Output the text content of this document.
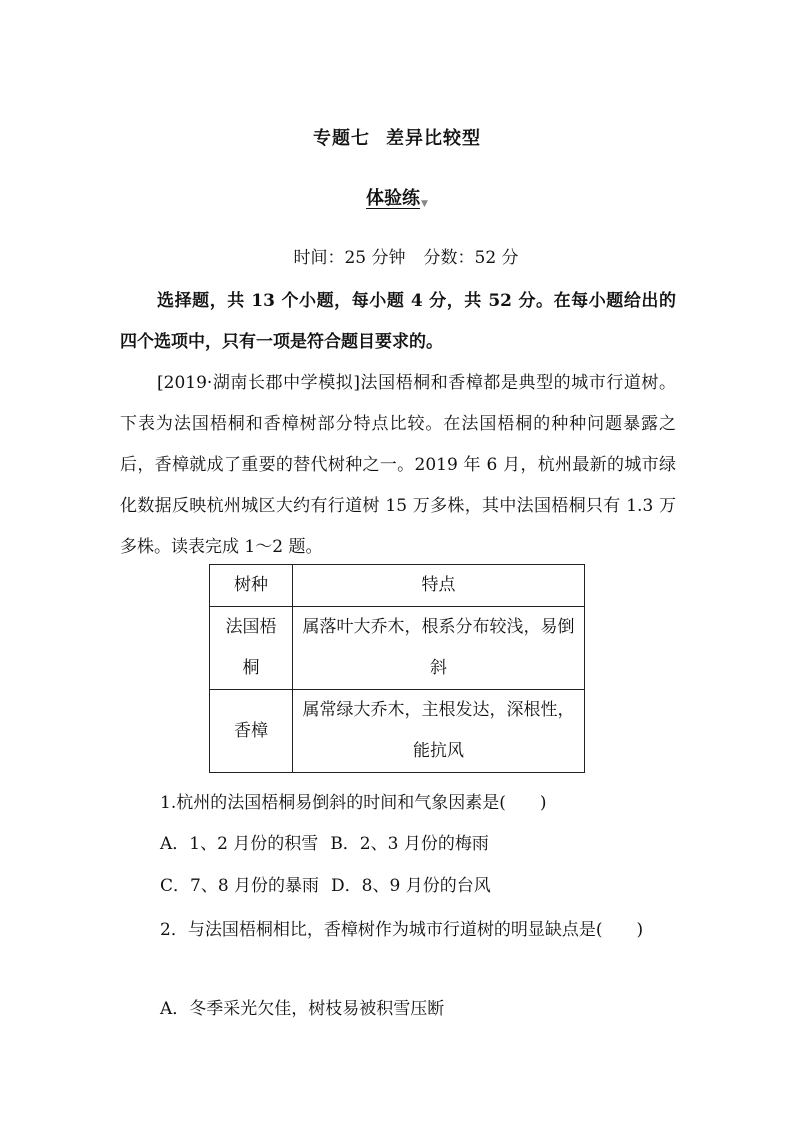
专题七 差异比较型
体验练▼
时间：25 分钟 分数：52 分
选择题，共 13 个小题，每小题 4 分，共 52 分。在每小题给出的四个选项中，只有一项是符合题目要求的。
[2019·湖南长郡中学模拟]法国梧桐和香樟都是典型的城市行道树。下表为法国梧桐和香樟树部分特点比较。在法国梧桐的种种问题暴露之后，香樟就成了重要的替代树种之一。2019 年 6 月，杭州最新的城市绿化数据反映杭州城区大约有行道树 15 万多株，其中法国梧桐只有 1.3 万多株。读表完成 1～2 题。
树种	特点
法国梧桐	属落叶大乔木，根系分布较浅，易倒斜
香樟	属常绿大乔木，主根发达，深根性，能抗风
1.杭州的法国梧桐易倒斜的时间和气象因素是(　　)
A．1、2 月份的积雪 B．2、3 月份的梅雨
C．7、8 月份的暴雨 D．8、9 月份的台风
2．与法国梧桐相比，香樟树作为城市行道树的明显缺点是(　　)
A．冬季采光欠佳，树枝易被积雪压断
